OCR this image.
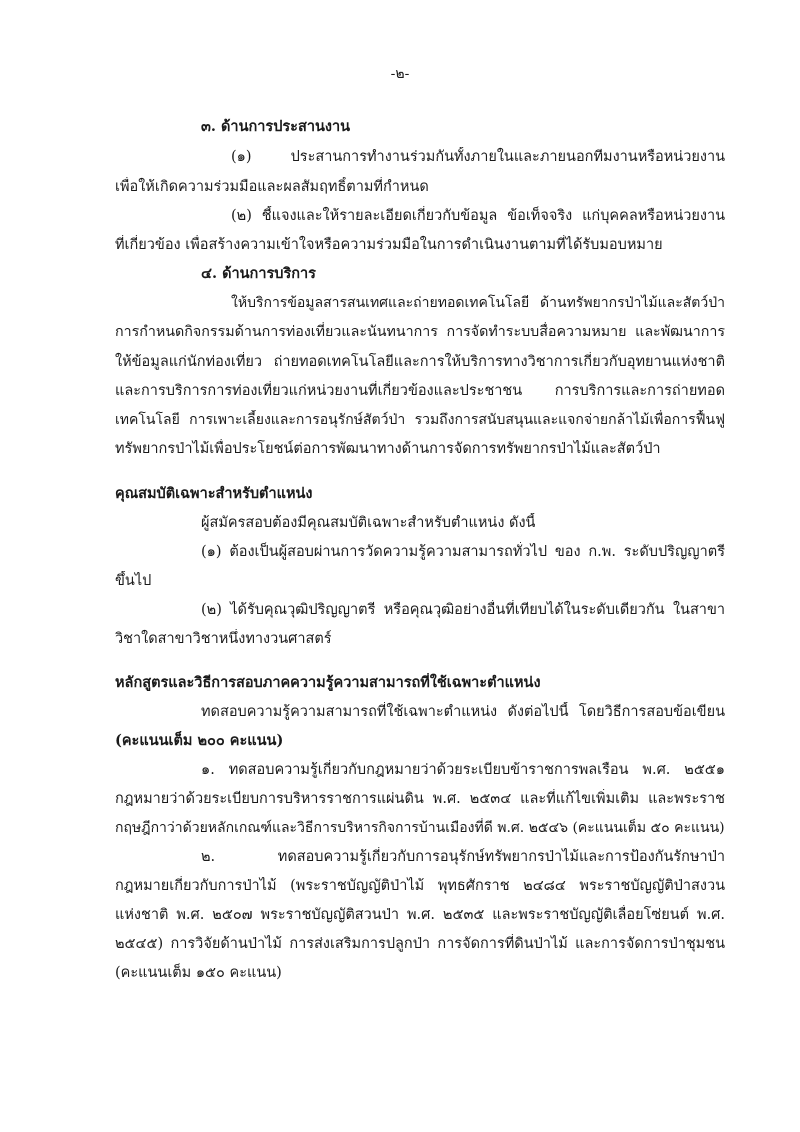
-๒-
๓. ด้านการประสานงาน
(๑) ประสานการทำงานร่วมกันทั้งภายในและภายนอกทีมงานหรือหน่วยงาน
เพื่อให้เกิดความร่วมมือและผลสัมฤทธิ์ตามที่กำหนด
(๒) ชี้แจงและให้รายละเอียดเกี่ยวกับข้อมูล ข้อเท็จจริง แก่บุคคลหรือหน่วยงาน
ที่เกี่ยวข้อง เพื่อสร้างความเข้าใจหรือความร่วมมือในการดำเนินงานตามที่ได้รับมอบหมาย
๔. ด้านการบริการ
ให้บริการข้อมูลสารสนเทศและถ่ายทอดเทคโนโลยี ด้านทรัพยากรป่าไม้และสัตว์ป่า
การกำหนดกิจกรรมด้านการท่องเที่ยวและนันทนาการ การจัดทำระบบสื่อความหมาย และพัฒนาการ
ให้ข้อมูลแก่นักท่องเที่ยว ถ่ายทอดเทคโนโลยีและการให้บริการทางวิชาการเกี่ยวกับอุทยานแห่งชาติ
และการบริการการท่องเที่ยวแก่หน่วยงานที่เกี่ยวข้องและประชาชน การบริการและการถ่ายทอด
เทคโนโลยี การเพาะเลี้ยงและการอนุรักษ์สัตว์ป่า รวมถึงการสนับสนุนและแจกจ่ายกล้าไม้เพื่อการฟื้นฟู
ทรัพยากรป่าไม้เพื่อประโยชน์ต่อการพัฒนาทางด้านการจัดการทรัพยากรป่าไม้และสัตว์ป่า
คุณสมบัติเฉพาะสำหรับตำแหน่ง
ผู้สมัครสอบต้องมีคุณสมบัติเฉพาะสำหรับตำแหน่ง ดังนี้
(๑) ต้องเป็นผู้สอบผ่านการวัดความรู้ความสามารถทั่วไป ของ ก.พ. ระดับปริญญาตรี
ขึ้นไป
(๒) ได้รับคุณวุฒิปริญญาตรี หรือคุณวุฒิอย่างอื่นที่เทียบได้ในระดับเดียวกัน ในสาขา
วิชาใดสาขาวิชาหนึ่งทางวนศาสตร์
หลักสูตรและวิธีการสอบภาคความรู้ความสามารถที่ใช้เฉพาะตำแหน่ง
ทดสอบความรู้ความสามารถที่ใช้เฉพาะตำแหน่ง ดังต่อไปนี้ โดยวิธีการสอบข้อเขียน
(คะแนนเต็ม ๒๐๐ คะแนน)
๑. ทดสอบความรู้เกี่ยวกับกฎหมายว่าด้วยระเบียบข้าราชการพลเรือน พ.ศ. ๒๕๕๑
กฎหมายว่าด้วยระเบียบการบริหารราชการแผ่นดิน พ.ศ. ๒๕๓๔ และที่แก้ไขเพิ่มเติม และพระราช
กฤษฎีกาว่าด้วยหลักเกณฑ์และวิธีการบริหารกิจการบ้านเมืองที่ดี พ.ศ. ๒๕๔๖ (คะแนนเต็ม ๕๐ คะแนน)
๒. ทดสอบความรู้เกี่ยวกับการอนุรักษ์ทรัพยากรป่าไม้และการป้องกันรักษาป่า
กฎหมายเกี่ยวกับการป่าไม้ (พระราชบัญญัติป่าไม้ พุทธศักราช ๒๔๘๔ พระราชบัญญัติป่าสงวน
แห่งชาติ พ.ศ. ๒๕๐๗ พระราชบัญญัติสวนป่า พ.ศ. ๒๕๓๕ และพระราชบัญญัติเลื่อยโซ่ยนต์ พ.ศ.
๒๕๔๕) การวิจัยด้านป่าไม้ การส่งเสริมการปลูกป่า การจัดการที่ดินป่าไม้ และการจัดการป่าชุมชน
(คะแนนเต็ม ๑๕๐ คะแนน)
